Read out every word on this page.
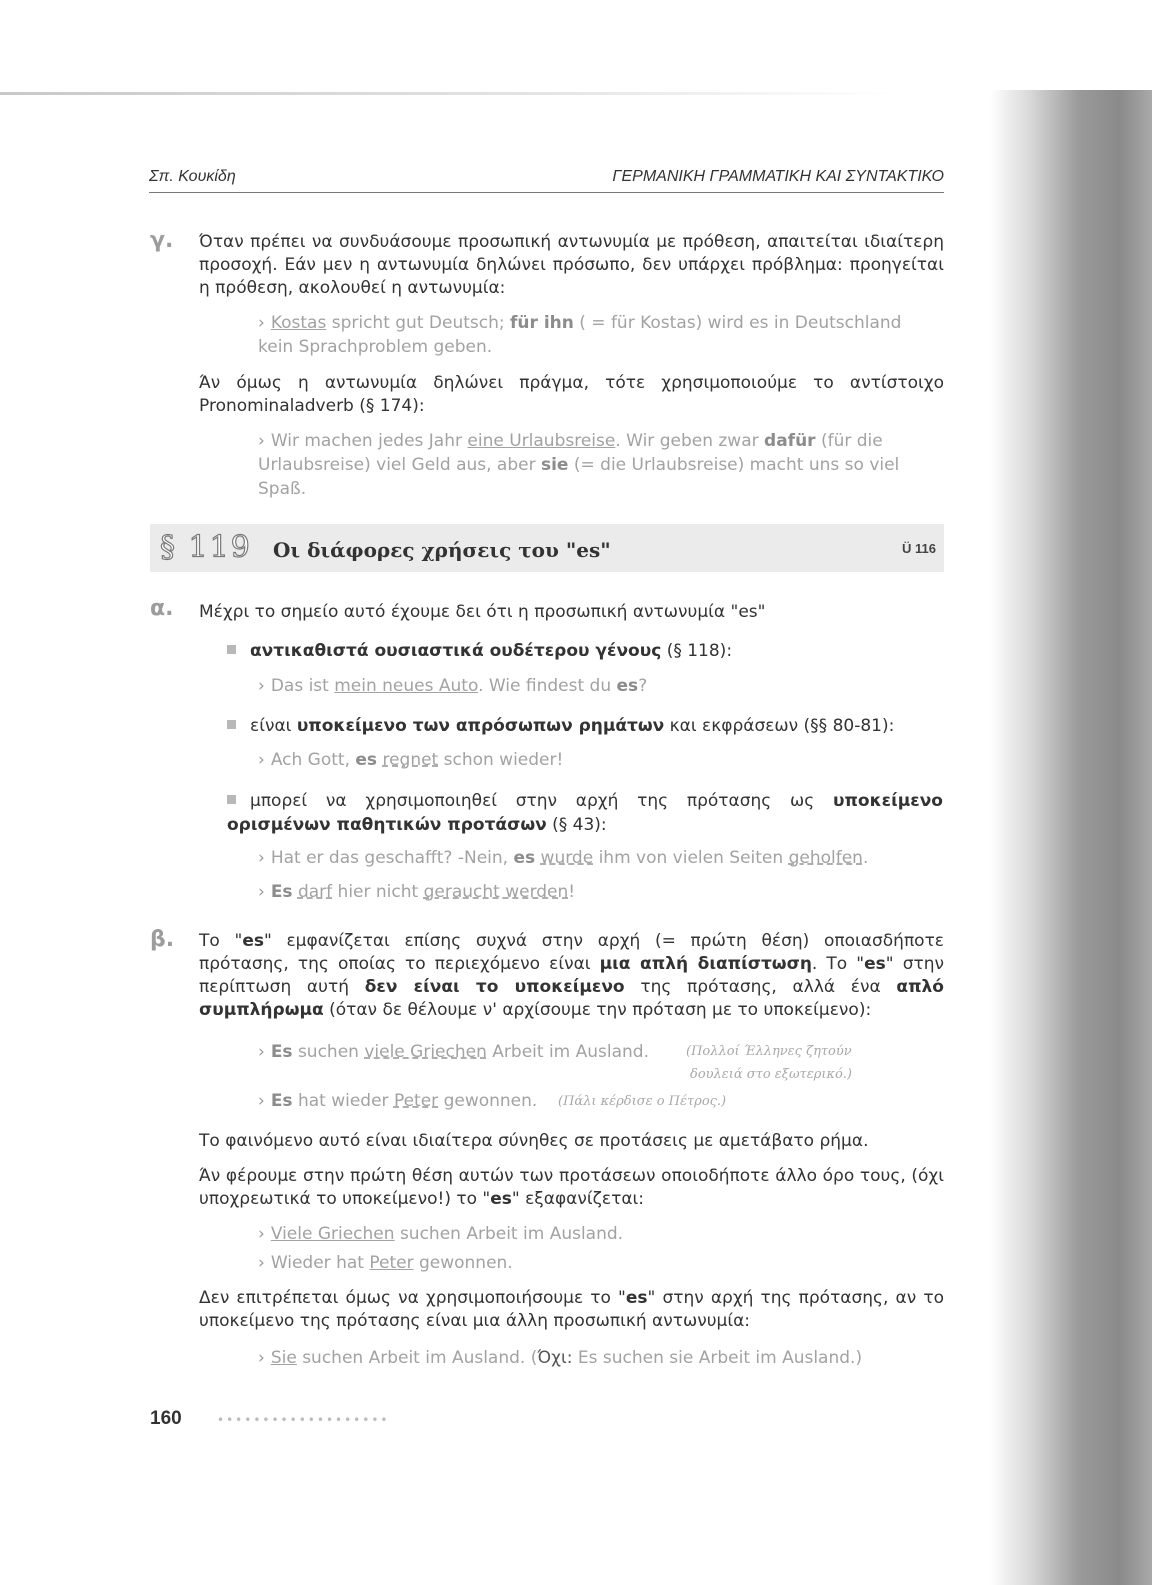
Σπ. Κουκίδη	ΓΕΡΜΑΝΙΚΗ ΓΡΑΜΜΑΤΙΚΗ ΚΑΙ ΣΥΝΤΑΚΤΙΚΟ
γ. Όταν πρέπει να συνδυάσουμε προσωπική αντωνυμία με πρόθεση, απαιτείται ιδιαίτερη προσοχή. Εάν μεν η αντωνυμία δηλώνει πρόσωπο, δεν υπάρχει πρόβλημα: προηγείται η πρόθεση, ακολουθεί η αντωνυμία:
› Kostas spricht gut Deutsch; für ihn ( = für Kostas) wird es in Deutschland kein Sprachproblem geben.
Άν όμως η αντωνυμία δηλώνει πράγμα, τότε χρησιμοποιούμε το αντίστοιχο Pronominaladverb (§ 174):
› Wir machen jedes Jahr eine Urlaubsreise. Wir geben zwar dafür (für die Urlaubsreise) viel Geld aus, aber sie (= die Urlaubsreise) macht uns so viel Spaß.
§ 119 Οι διάφορες χρήσεις του "es"	Ü 116
α. Μέχρι το σημείο αυτό έχουμε δει ότι η προσωπική αντωνυμία "es"
αντικαθιστά ουσιαστικά ουδέτερου γένους (§ 118):
› Das ist mein neues Auto. Wie findest du es?
είναι υποκείμενο των απρόσωπων ρημάτων και εκφράσεων (§§ 80-81):
› Ach Gott, es regnet schon wieder!
μπορεί να χρησιμοποιηθεί στην αρχή της πρότασης ως υποκείμενο ορισμένων παθητικών προτάσων (§ 43):
› Hat er das geschafft? -Nein, es wurde ihm von vielen Seiten geholfen.
› Es darf hier nicht geraucht werden!
β. Το "es" εμφανίζεται επίσης συχνά στην αρχή (= πρώτη θέση) οποιασδήποτε πρότασης, της οποίας το περιεχόμενο είναι μια απλή διαπίστωση. Το "es" στην περίπτωση αυτή δεν είναι το υποκείμενο της πρότασης, αλλά ένα απλό συμπλήρωμα (όταν δε θέλουμε ν' αρχίσουμε την πρόταση με το υποκείμενο):
› Es suchen viele Griechen Arbeit im Ausland.	(Πολλοί Έλληνες ζητούν
δουλειά στο εξωτερικό.)
› Es hat wieder Peter gewonnen.	(Πάλι κέρδισε ο Πέτρος.)
Το φαινόμενο αυτό είναι ιδιαίτερα σύνηθες σε προτάσεις με αμετάβατο ρήμα.
Άν φέρουμε στην πρώτη θέση αυτών των προτάσεων οποιοδήποτε άλλο όρο τους, (όχι υποχρεωτικά το υποκείμενο!) το "es" εξαφανίζεται:
› Viele Griechen suchen Arbeit im Ausland.
› Wieder hat Peter gewonnen.
Δεν επιτρέπεται όμως να χρησιμοποιήσουμε το "es" στην αρχή της πρότασης, αν το υποκείμενο της πρότασης είναι μια άλλη προσωπική αντωνυμία:
› Sie suchen Arbeit im Ausland. (Όχι: Es suchen sie Arbeit im Ausland.)
160	•••••••••••••••••••
